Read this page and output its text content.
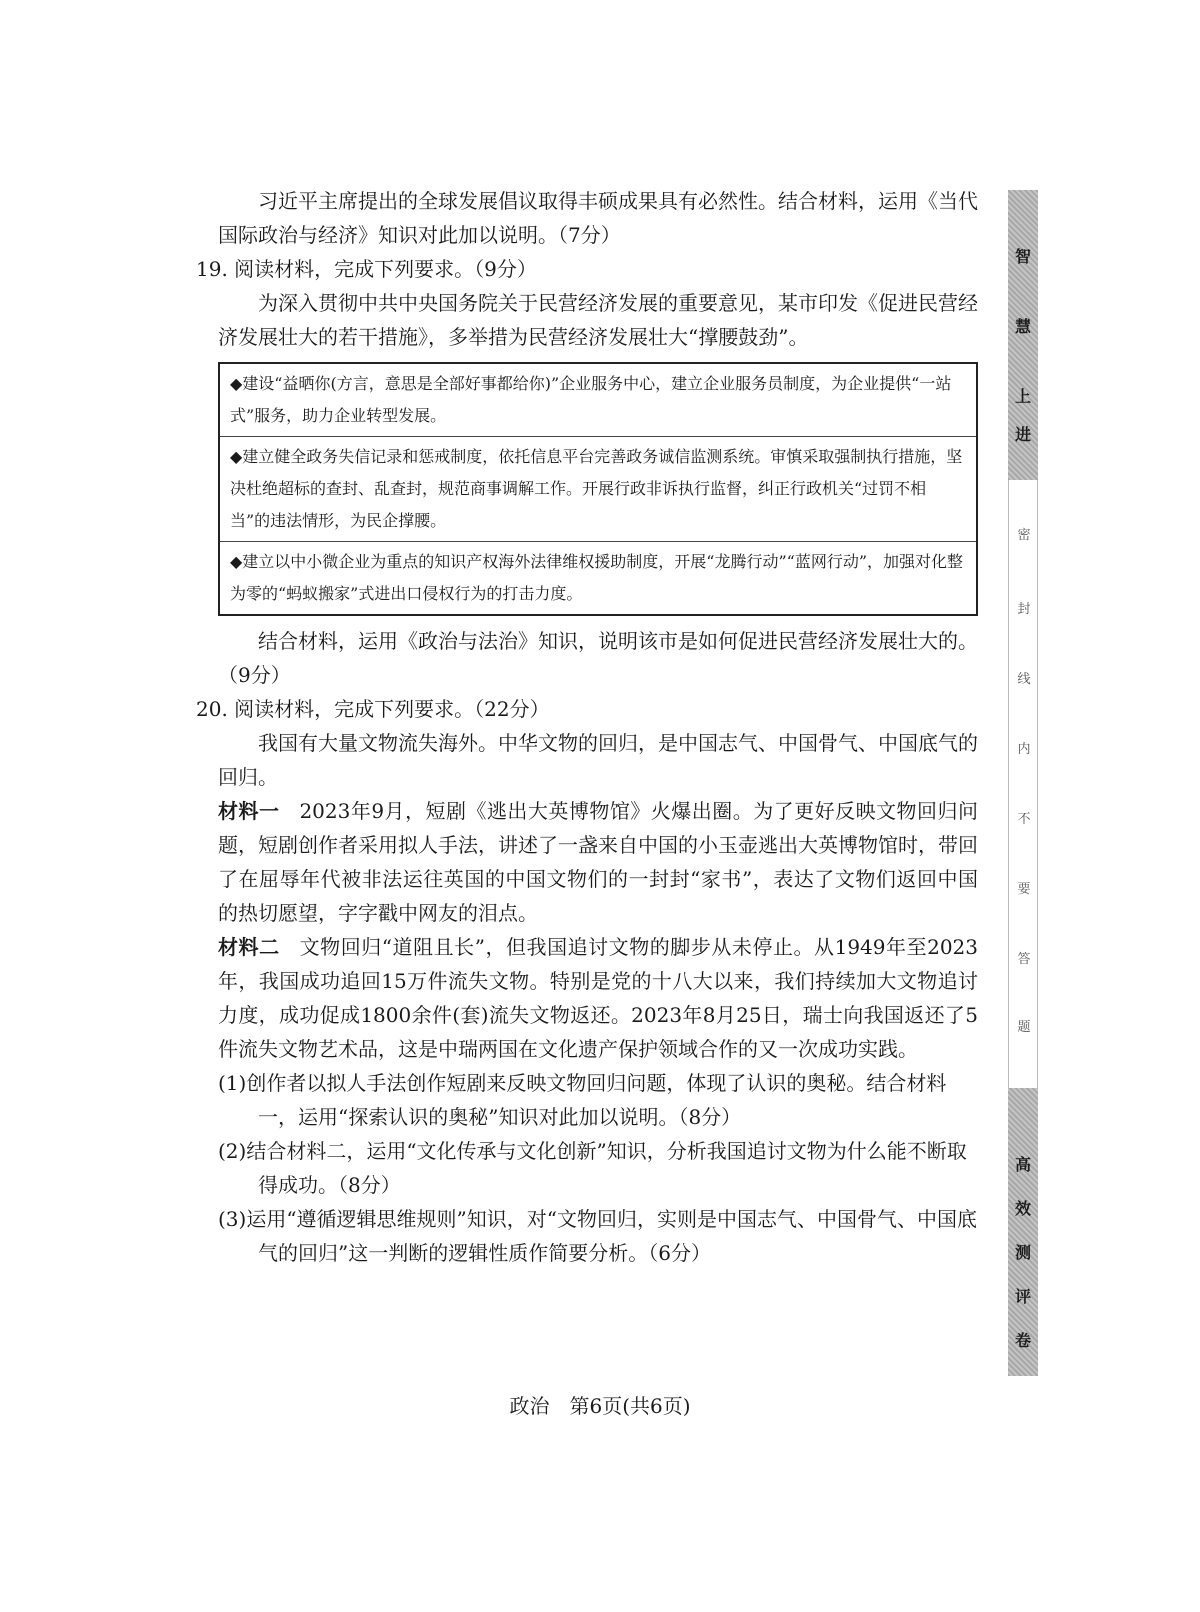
习近平主席提出的全球发展倡议取得丰硕成果具有必然性。结合材料，运用《当代国际政治与经济》知识对此加以说明。（7分）

19. 阅读材料，完成下列要求。（9分）

为深入贯彻中共中央国务院关于民营经济发展的重要意见，某市印发《促进民营经济发展壮大的若干措施》，多举措为民营经济发展壮大“撑腰鼓劲”。

◆建设“益晒你(方言，意思是全部好事都给你)”企业服务中心，建立企业服务员制度，为企业提供“一站式”服务，助力企业转型发展。
◆建立健全政务失信记录和惩戒制度，依托信息平台完善政务诚信监测系统。审慎采取强制执行措施，坚决杜绝超标的查封、乱查封，规范商事调解工作。开展行政非诉执行监督，纠正行政机关“过罚不相当”的违法情形，为民企撑腰。
◆建立以中小微企业为重点的知识产权海外法律维权援助制度，开展“龙腾行动”“蓝网行动”，加强对化整为零的“蚂蚁搬家”式进出口侵权行为的打击力度。

结合材料，运用《政治与法治》知识，说明该市是如何促进民营经济发展壮大的。（9分）

20. 阅读材料，完成下列要求。（22分）

我国有大量文物流失海外。中华文物的回归，是中国志气、中国骨气、中国底气的回归。

材料一 2023年9月，短剧《逃出大英博物馆》火爆出圈。为了更好反映文物回归问题，短剧创作者采用拟人手法，讲述了一盏来自中国的小玉壶逃出大英博物馆时，带回了在屈辱年代被非法运往英国的中国文物们的一封封“家书”，表达了文物们返回中国的热切愿望，字字戳中网友的泪点。

材料二 文物回归“道阻且长”，但我国追讨文物的脚步从未停止。从1949年至2023年，我国成功追回15万件流失文物。特别是党的十八大以来，我们持续加大文物追讨力度，成功促成1800余件(套)流失文物返还。2023年8月25日，瑞士向我国返还了5件流失文物艺术品，这是中瑞两国在文化遗产保护领域合作的又一次成功实践。

(1)创作者以拟人手法创作短剧来反映文物回归问题，体现了认识的奥秘。结合材料一，运用“探索认识的奥秘”知识对此加以说明。（8分）

(2)结合材料二，运用“文化传承与文化创新”知识，分析我国追讨文物为什么能不断取得成功。（8分）

(3)运用“遵循逻辑思维规则”知识，对“文物回归，实则是中国志气、中国骨气、中国底气的回归”这一判断的逻辑性质作简要分析。（6分）

政治　第6页(共6页)
智
慧
上
进
密
封
线
内
不
要
答
题
高
效
测
评
卷
